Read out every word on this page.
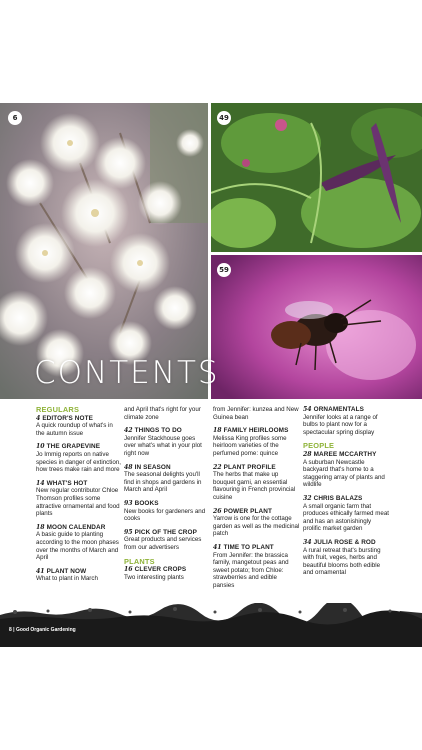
6	49
59
CONTENTS
REGULARS
4 EDITOR'S NOTE
A quick roundup of what's in the autumn issue
10 THE GRAPEVINE
Jo Immig reports on native species in danger of extinction, how trees make rain and more
14 WHAT'S HOT
New regular contributor Chloe Thomson profiles some attractive ornamental and food plants
18 MOON CALENDAR
A basic guide to planting according to the moon phases over the months of March and April
41 PLANT NOW
What to plant in March
and April that's right for your climate zone
42 THINGS TO DO
Jennifer Stackhouse goes over what's what in your plot right now
48 IN SEASON
The seasonal delights you'll find in shops and gardens in March and April
93 BOOKS
New books for gardeners and cooks
95 PICK OF THE CROP
Great products and services from our advertisers
PLANTS
16 CLEVER CROPS
Two interesting plants
from Jennifer: kunzea and New Guinea bean
18 FAMILY HEIRLOOMS
Melissa King profiles some heirloom varieties of the perfumed pome: quince
22 PLANT PROFILE
The herbs that make up bouquet garni, an essential flavouring in French provincial cuisine
26 POWER PLANT
Yarrow is one for the cottage garden as well as the medicinal patch
41 TIME TO PLANT
From Jennifer: the brassica family, mangetout peas and sweet potato; from Chloe: strawberries and edible pansies
54 ORNAMENTALS
Jennifer looks at a range of bulbs to plant now for a spectacular spring display
PEOPLE
28 MAREE MCCARTHY
A suburban Newcastle backyard that's home to a staggering array of plants and wildlife
32 CHRIS BALAZS
A small organic farm that produces ethically farmed meat and has an astonishingly prolific market garden
34 JULIA ROSE & ROD
A rural retreat that's bursting with fruit, veges, herbs and beautiful blooms both edible and ornamental
8 | Good Organic Gardening
